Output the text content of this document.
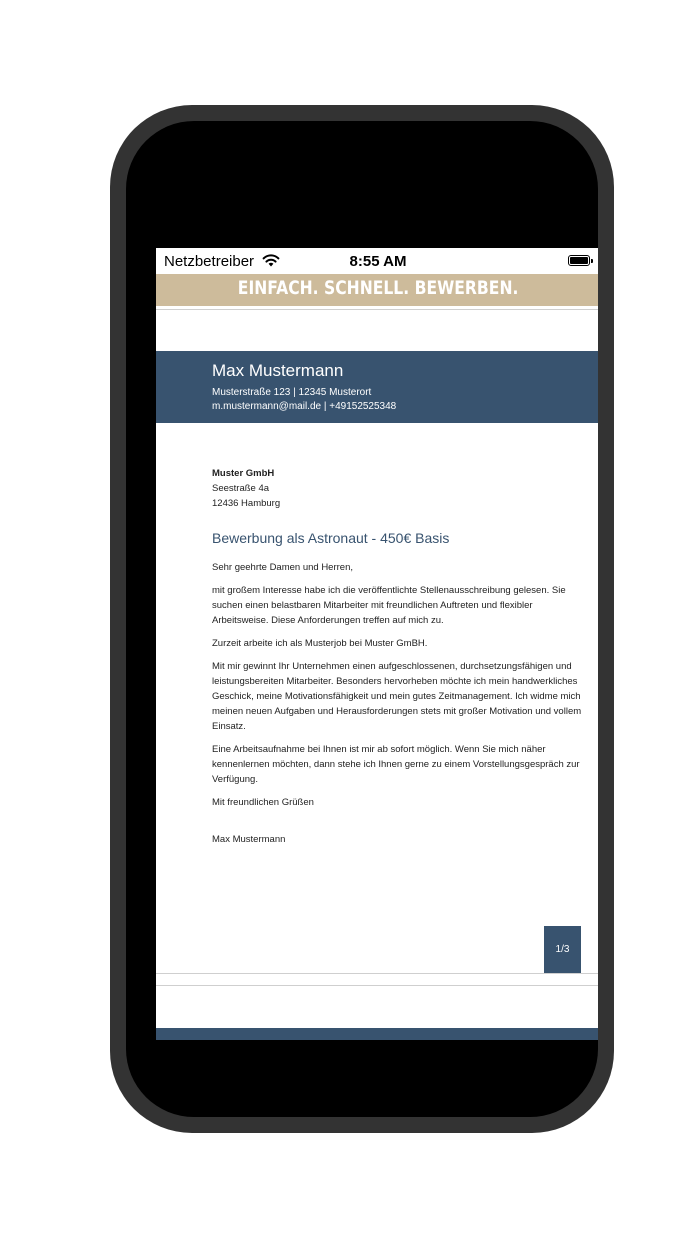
Netzbetreiber	8:55 AM
EINFACH. SCHNELL. BEWERBEN.
Max Mustermann
Musterstraße 123 | 12345 Musterort
m.mustermann@mail.de | +49152525348
Muster GmbH
Seestraße 4a
12436 Hamburg
Bewerbung als Astronaut - 450€ Basis

Sehr geehrte Damen und Herren,

mit großem Interesse habe ich die veröffentlichte Stellenausschreibung gelesen. Sie suchen einen belastbaren Mitarbeiter mit freundlichen Auftreten und flexibler Arbeitsweise. Diese Anforderungen treffen auf mich zu.

Zurzeit arbeite ich als Musterjob bei Muster GmBH.

Mit mir gewinnt Ihr Unternehmen einen aufgeschlossenen, durchsetzungsfähigen und leistungsbereiten Mitarbeiter. Besonders hervorheben möchte ich mein handwerkliches Geschick, meine Motivationsfähigkeit und mein gutes Zeitmanagement. Ich widme mich meinen neuen Aufgaben und Herausforderungen stets mit großer Motivation und vollem Einsatz.

Eine Arbeitsaufnahme bei Ihnen ist mir ab sofort möglich. Wenn Sie mich näher kennenlernen möchten, dann stehe ich Ihnen gerne zu einem Vorstellungsgespräch zur Verfügung.

Mit freundlichen Grüßen

Max Mustermann

1/3
